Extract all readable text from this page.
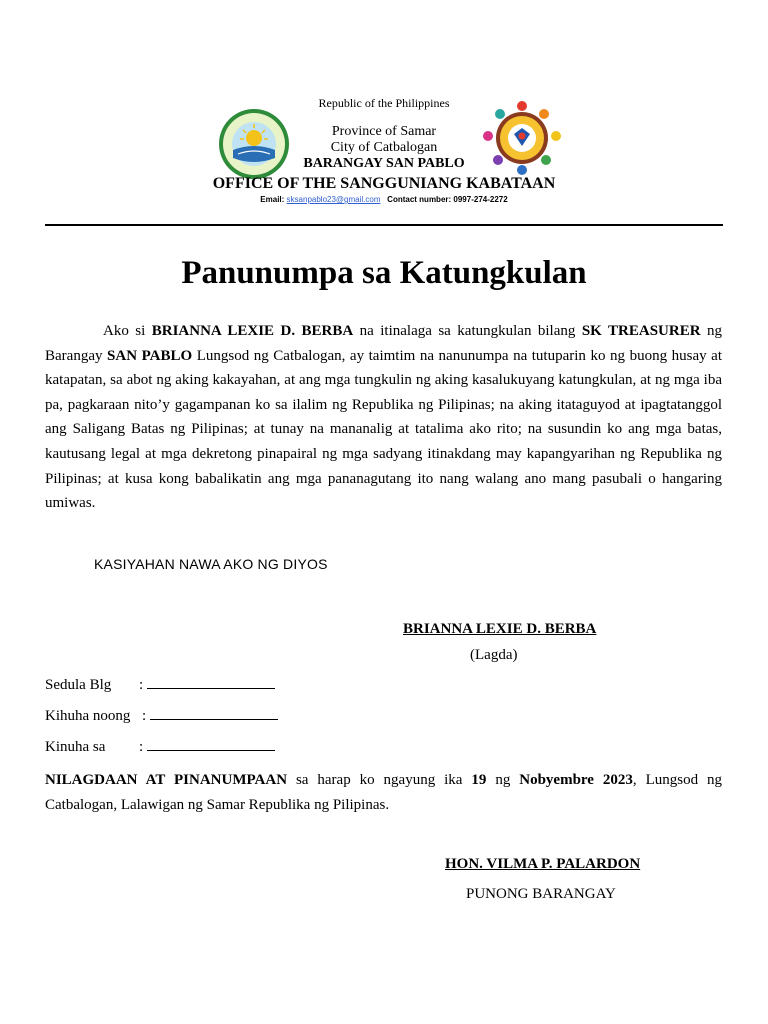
Republic of the Philippines
Province of Samar
City of Catbalogan
BARANGAY SAN PABLO
OFFICE OF THE SANGGUNIANG KABATAAN
Email: sksanpablo23@gmail.com Contact number: 0997-274-2272
Panunumpa sa Katungkulan
Ako si BRIANNA LEXIE D. BERBA na itinalaga sa katungkulan bilang SK TREASURER ng Barangay SAN PABLO Lungsod ng Catbalogan, ay taimtim na nanunumpa na tutuparin ko ng buong husay at katapatan, sa abot ng aking kakayahan, at ang mga tungkulin ng aking kasalukuyang katungkulan, at ng mga iba pa, pagkaraan nito’y gagampanan ko sa ilalim ng Republika ng Pilipinas; na aking itataguyod at ipagtatanggol ang Saligang Batas ng Pilipinas; at tunay na mananalig at tatalima ako rito; na susundin ko ang mga batas, kautusang legal at mga dekretong pinapairal ng mga sadyang itinakdang may kapangyarihan ng Republika ng Pilipinas; at kusa kong babalikatin ang mga pananagutang ito nang walang ano mang pasubali o hangaring umiwas.
KASIYAHAN NAWA AKO NG DIYOS
BRIANNA LEXIE D. BERBA
(Lagda)
Sedula Blg :
Kihuha noong :
Kinuha sa :
NILAGDAAN AT PINANUMPAAN sa harap ko ngayung ika 19 ng Nobyembre 2023, Lungsod ng Catbalogan, Lalawigan ng Samar Republika ng Pilipinas.
HON. VILMA P. PALARDON
PUNONG BARANGAY
